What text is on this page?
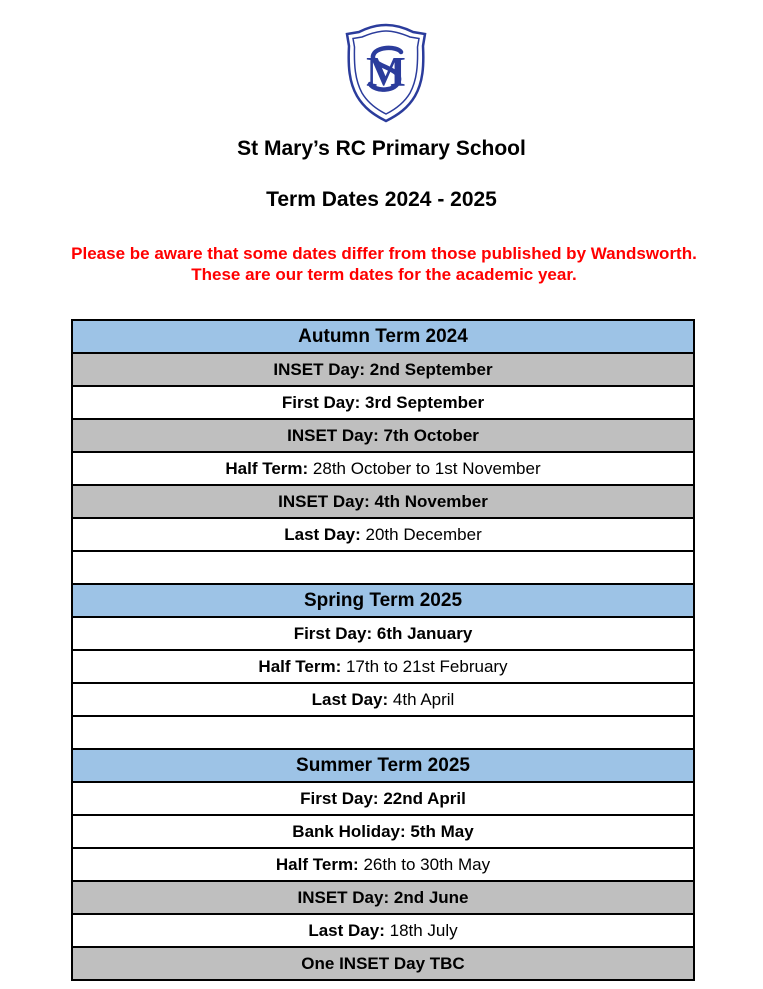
M
St Mary’s RC Primary School
Term Dates 2024 - 2025
Please be aware that some dates differ from those published by Wandsworth.
These are our term dates for the academic year.
Autumn Term 2024
INSET Day:
2nd September
First Day:
3rd September
INSET Day:
7th October
Half Term:
28th October to 1st November
INSET Day:
4th November
Last Day:
20th December
Spring Term 2025
First Day:
6th January
Half Term:
17th to 21st February
Last Day:
4th April
Summer Term 2025
First Day:
22nd April
Bank Holiday:
5th May
Half Term:
26th to 30th May
INSET Day:
2nd June
Last Day:
18th July
One INSET Day TBC
